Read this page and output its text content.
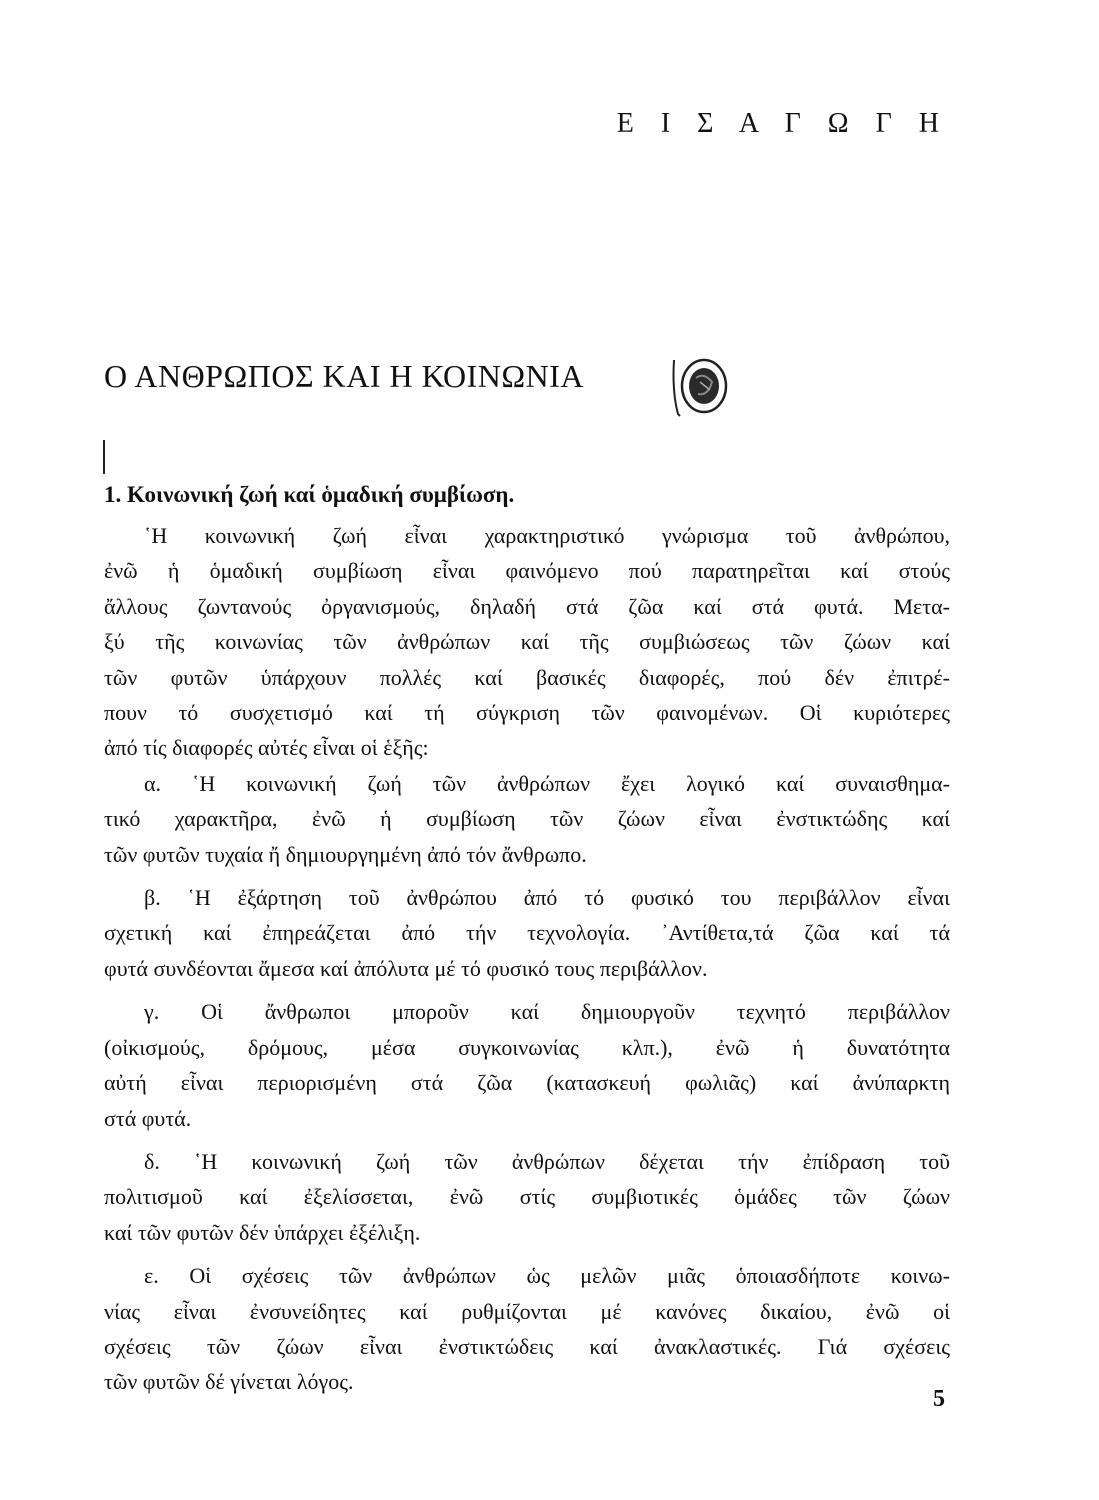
Ε Ι Σ Α Γ Ω Γ Η
Ο ΑΝΘΡΩΠΟΣ ΚΑΙ Η ΚΟΙΝΩΝΙΑ
1. Κοινωνική ζωή καί ὁμαδική συμβίωση.
῾Η κοινωνική ζωή εἶναι χαρακτηριστικό γνώρισμα τοῦ ἀνθρώπου,
ἐνῶ ἡ ὁμαδική συμβίωση εἶναι φαινόμενο πού παρατηρεῖται καί στούς
ἄλλους ζωντανούς ὀργανισμούς, δηλαδή στά ζῶα καί στά φυτά. Μετα-
ξύ τῆς κοινωνίας τῶν ἀνθρώπων καί τῆς συμβιώσεως τῶν ζώων καί
τῶν φυτῶν ὑπάρχουν πολλές καί βασικές διαφορές, πού δέν ἐπιτρέ-
πουν τό συσχετισμό καί τή σύγκριση τῶν φαινομένων. Οἱ κυριότερες
ἀπό τίς διαφορές αὐτές εἶναι οἱ ἑξῆς:
α. ῾Η κοινωνική ζωή τῶν ἀνθρώπων ἔχει λογικό καί συναισθημα-
τικό χαρακτῆρα, ἐνῶ ἡ συμβίωση τῶν ζώων εἶναι ἐνστικτώδης καί
τῶν φυτῶν τυχαία ἤ δημιουργημένη ἀπό τόν ἄνθρωπο.
β. ῾Η ἐξάρτηση τοῦ ἀνθρώπου ἀπό τό φυσικό του περιβάλλον εἶναι
σχετική καί ἐπηρεάζεται ἀπό τήν τεχνολογία. ᾿Αντίθετα,τά ζῶα καί τά
φυτά συνδέονται ἄμεσα καί ἀπόλυτα μέ τό φυσικό τους περιβάλλον.
γ. Οἱ ἄνθρωποι μποροῦν καί δημιουργοῦν τεχνητό περιβάλλον
(οἰκισμούς, δρόμους, μέσα συγκοινωνίας κλπ.), ἐνῶ ἡ δυνατότητα
αὐτή εἶναι περιορισμένη στά ζῶα (κατασκευή φωλιᾶς) καί ἀνύπαρκτη
στά φυτά.
δ. ῾Η κοινωνική ζωή τῶν ἀνθρώπων δέχεται τήν ἐπίδραση τοῦ
πολιτισμοῦ καί ἐξελίσσεται, ἐνῶ στίς συμβιοτικές ὁμάδες τῶν ζώων
καί τῶν φυτῶν δέν ὑπάρχει ἐξέλιξη.
ε. Οἱ σχέσεις τῶν ἀνθρώπων ὡς μελῶν μιᾶς ὁποιασδήποτε κοινω-
νίας εἶναι ἐνσυνείδητες καί ρυθμίζονται μέ κανόνες δικαίου, ἐνῶ οἱ
σχέσεις τῶν ζώων εἶναι ἐνστικτώδεις καί ἀνακλαστικές. Γιά σχέσεις
τῶν φυτῶν δέ γίνεται λόγος.
5
